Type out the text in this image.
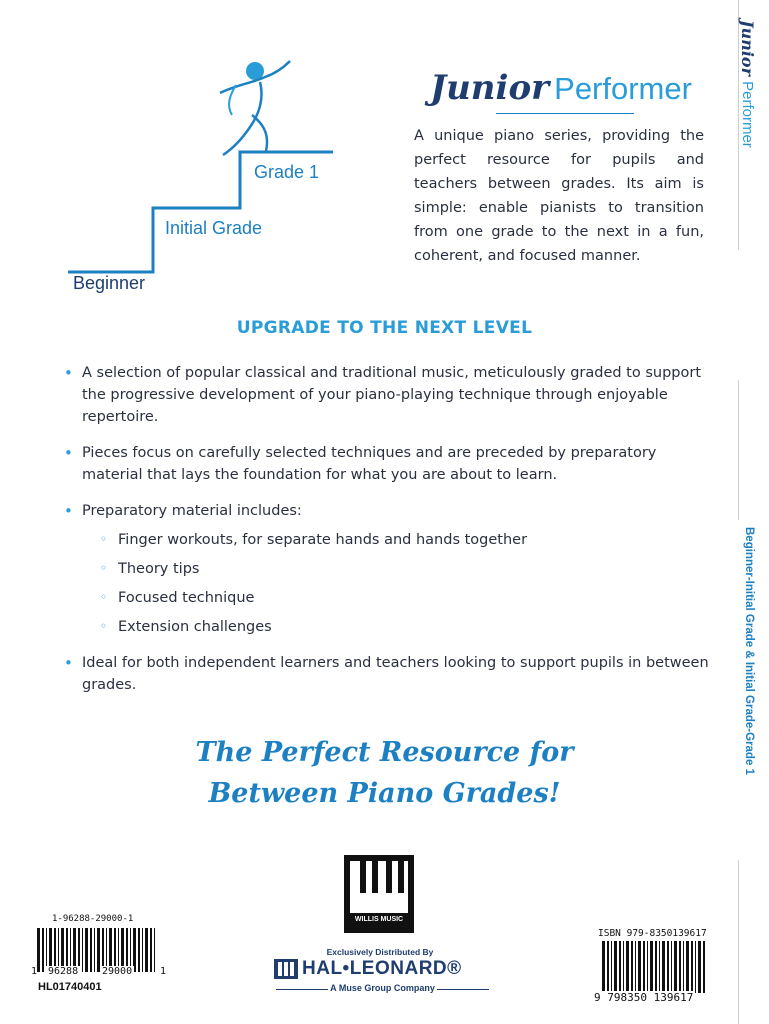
Beginner
Initial Grade
Grade 1
Junior Performer
A unique piano series, providing the perfect resource for pupils and teachers between grades. Its aim is simple: enable pianists to transition from one grade to the next in a fun, coherent, and focused manner.
UPGRADE TO THE NEXT LEVEL
• A selection of popular classical and traditional music, meticulously graded to support the progressive development of your piano-playing technique through enjoyable repertoire.
• Pieces focus on carefully selected techniques and are preceded by preparatory material that lays the foundation for what you are about to learn.
• Preparatory material includes:
◦ Finger workouts, for separate hands and hands together
◦ Theory tips
◦ Focused technique
◦ Extension challenges
• Ideal for both independent learners and teachers looking to support pupils in between grades.
The Perfect Resource for
Between Piano Grades!
Junior Performer
Beginner-Initial Grade & Initial Grade-Grade 1
WILLIS MUSIC
Exclusively Distributed By
HAL•LEONARD®
A Muse Group Company
1-96288-29000-1
1 96288 29000	1
HL01740401
ISBN 979-8350139617
9 798350 139617
